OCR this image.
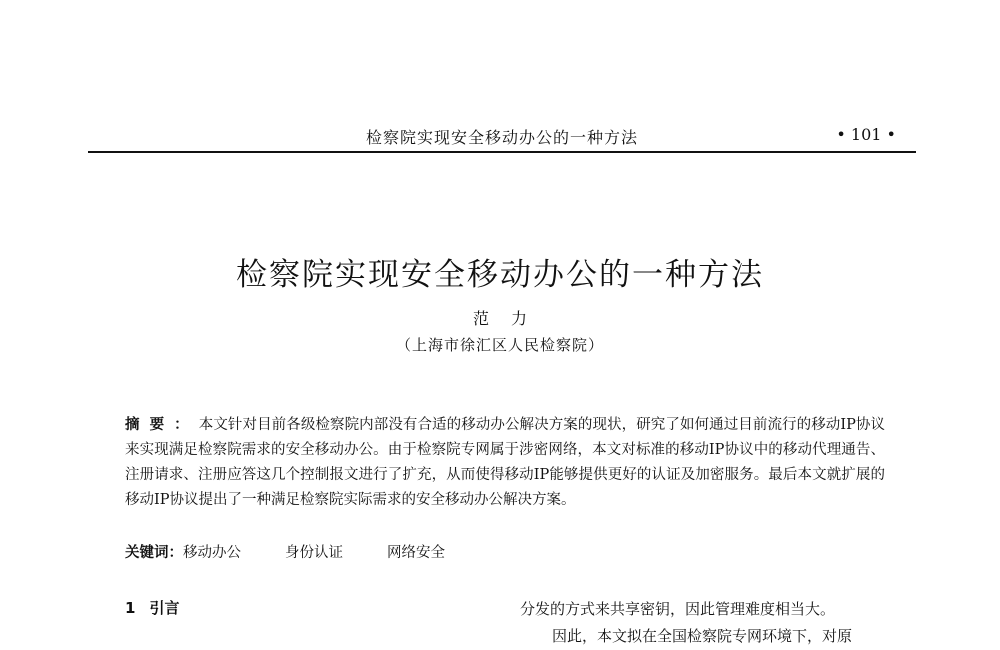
检察院实现安全移动办公的一种方法	• 101 •
检察院实现安全移动办公的一种方法
范力
（上海市徐汇区人民检察院）
摘要：本文针对目前各级检察院内部没有合适的移动办公解决方案的现状，研究了如何通过目前流行的移动IP协议来实现满足检察院需求的安全移动办公。由于检察院专网属于涉密网络，本文对标准的移动IP协议中的移动代理通告、注册请求、注册应答这几个控制报文进行了扩充，从而使得移动IP能够提供更好的认证及加密服务。最后本文就扩展的移动IP协议提出了一种满足检察院实际需求的安全移动办公解决方案。
关键词：移动办公	身份认证	网络安全
1 引言	分发的方式来共享密钥，因此管理难度相当大。
因此，本文拟在全国检察院专网环境下，对原
